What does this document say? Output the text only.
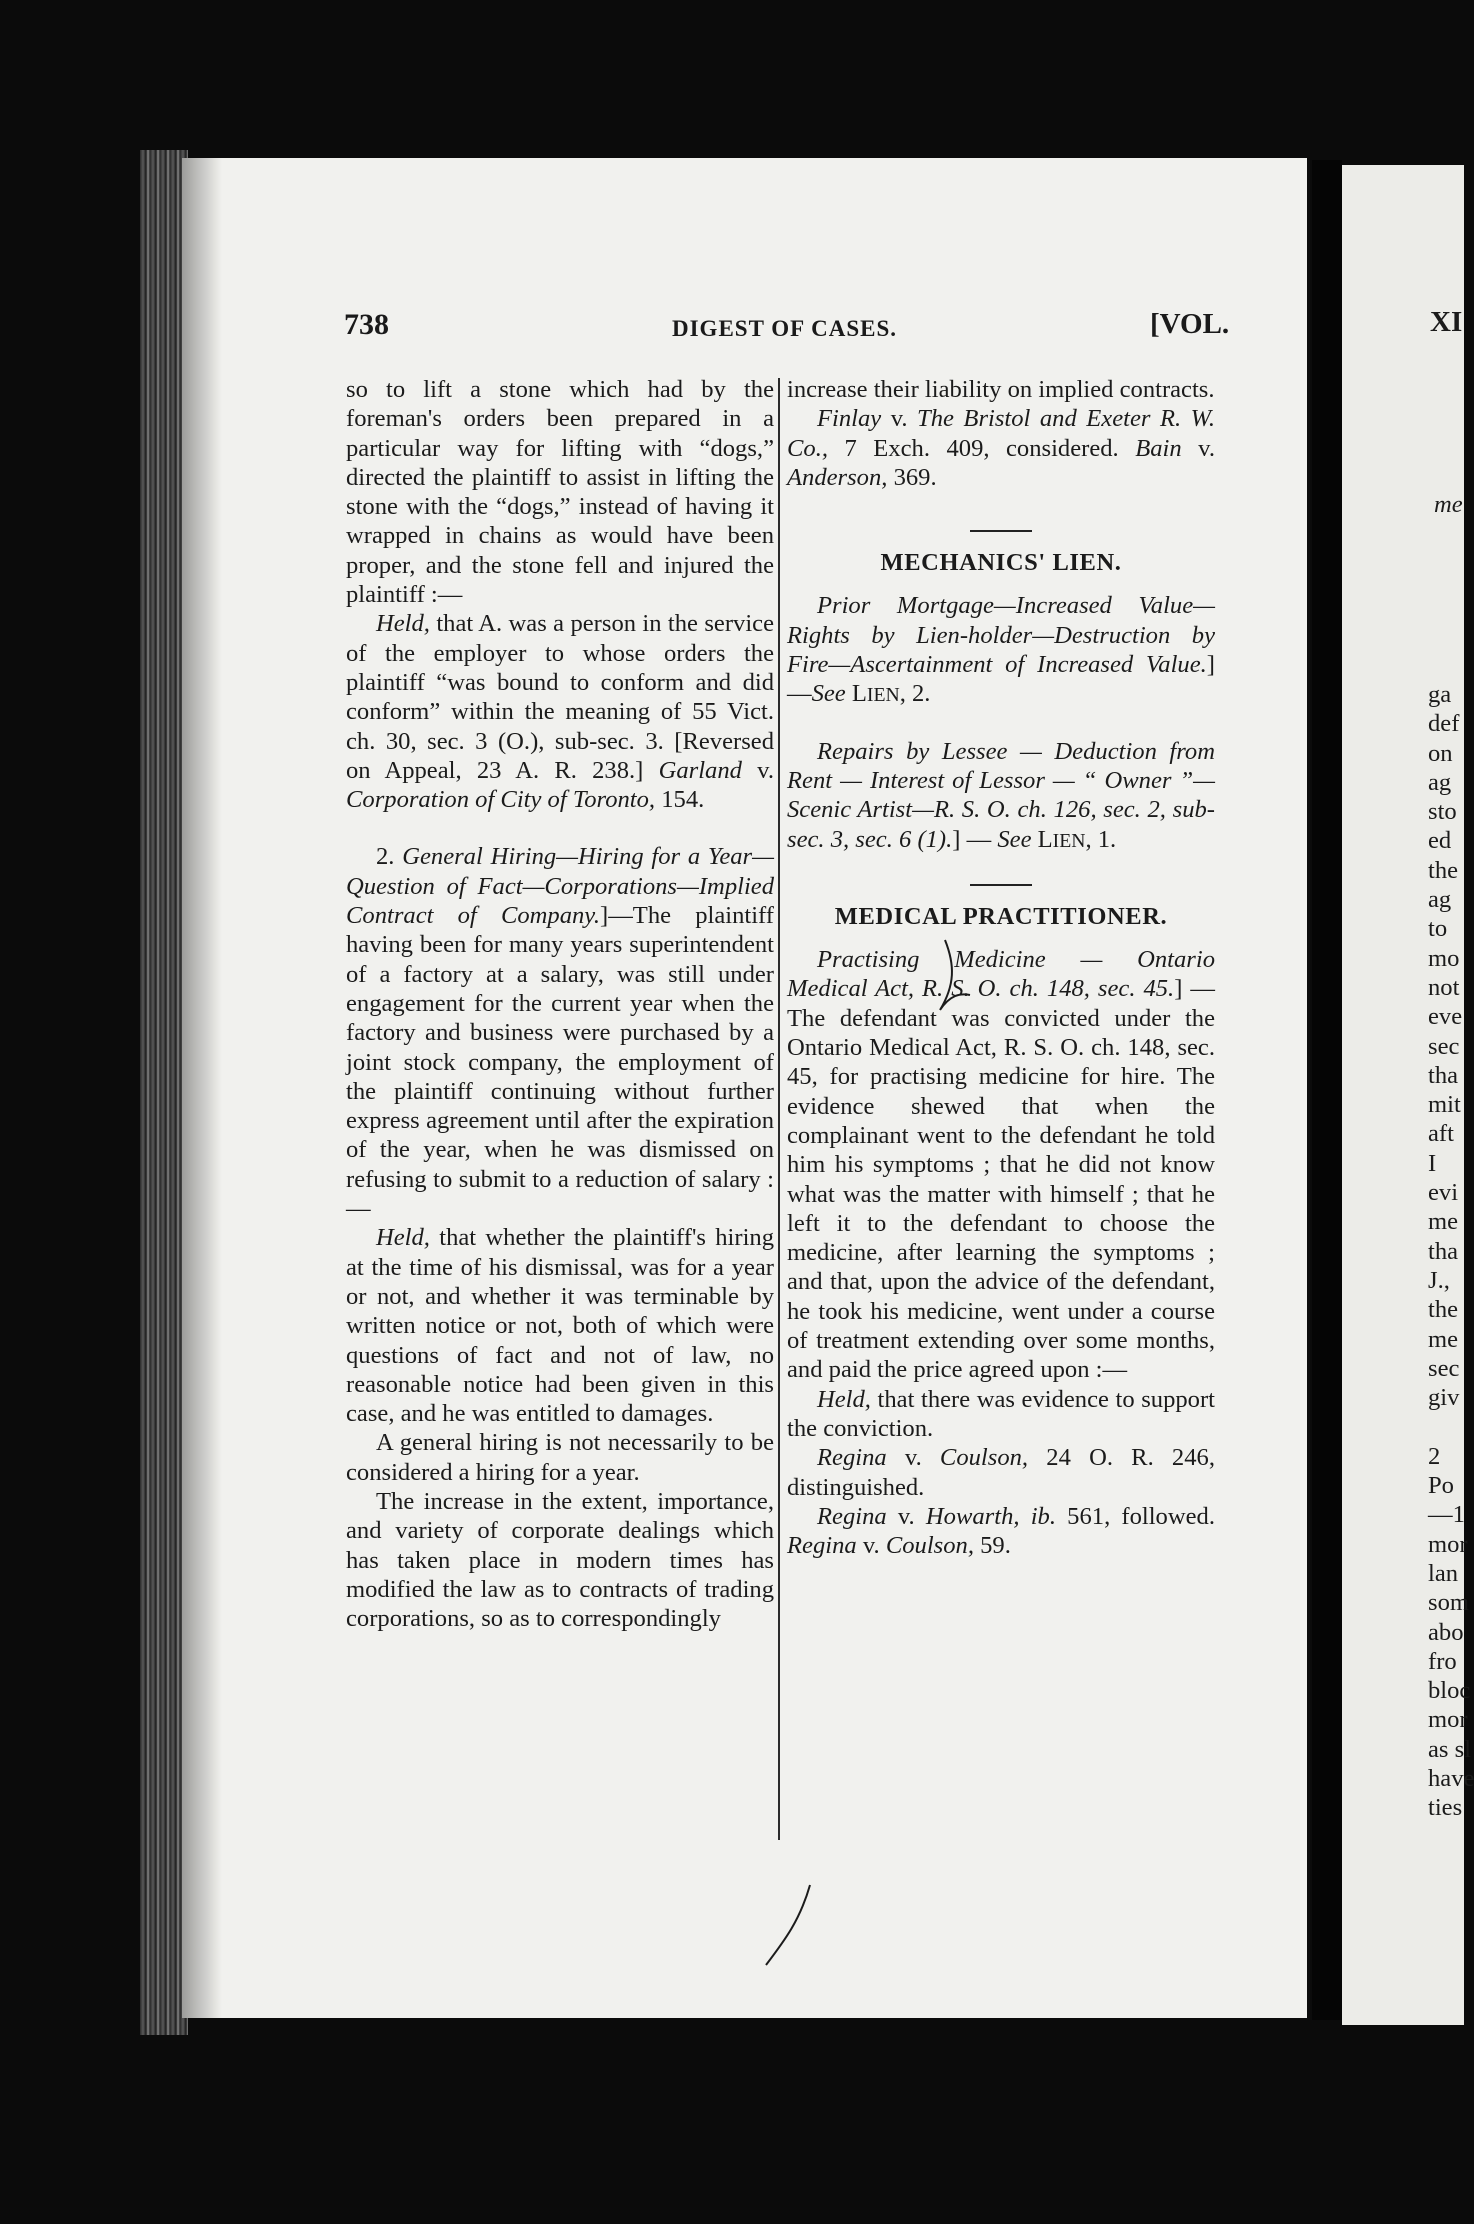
738	DIGEST OF CASES.	[VOL.

so to lift a stone which had by the foreman's orders been prepared in a particular way for lifting with “dogs,” directed the plaintiff to assist in lifting the stone with the “dogs,” instead of having it wrapped in chains as would have been proper, and the stone fell and injured the plaintiff :—

Held, that A. was a person in the service of the employer to whose orders the plaintiff “was bound to conform and did conform” within the meaning of 55 Vict. ch. 30, sec. 3 (O.), sub-sec. 3. [Reversed on Appeal, 23 A. R. 238.] Garland v. Corporation of City of Toronto, 154.

2. General Hiring—Hiring for a Year—Question of Fact—Corporations—Implied Contract of Company.]—The plaintiff having been for many years superintendent of a factory at a salary, was still under engagement for the current year when the factory and business were purchased by a joint stock company, the employment of the plaintiff continuing without further express agreement until after the expiration of the year, when he was dismissed on refusing to submit to a reduction of salary :—

Held, that whether the plaintiff's hiring at the time of his dismissal, was for a year or not, and whether it was terminable by written notice or not, both of which were questions of fact and not of law, no reasonable notice had been given in this case, and he was entitled to damages.

A general hiring is not necessarily to be considered a hiring for a year.

The increase in the extent, importance, and variety of corporate dealings which has taken place in modern times has modified the law as to contracts of trading corporations, so as to correspondingly

increase their liability on implied contracts.

Finlay v. The Bristol and Exeter R. W. Co., 7 Exch. 409, considered. Bain v. Anderson, 369.

MECHANICS' LIEN.

Prior Mortgage—Increased Value—Rights by Lien-holder—Destruction by Fire—Ascertainment of Increased Value.]—See LIEN, 2.

Repairs by Lessee — Deduction from Rent — Interest of Lessor — “ Owner ”—Scenic Artist—R. S. O. ch. 126, sec. 2, sub-sec. 3, sec. 6 (1).] — See LIEN, 1.

MEDICAL PRACTITIONER.

Practising Medicine — Ontario Medical Act, R. S. O. ch. 148, sec. 45.] —The defendant was convicted under the Ontario Medical Act, R. S. O. ch. 148, sec. 45, for practising medicine for hire. The evidence shewed that when the complainant went to the defendant he told him his symptoms ; that he did not know what was the matter with himself ; that he left it to the defendant to choose the medicine, after learning the symptoms ; and that, upon the advice of the defendant, he took his medicine, went under a course of treatment extending over some months, and paid the price agreed upon :—

Held, that there was evidence to support the conviction.

Regina v. Coulson, 24 O. R. 246, distinguished.

Regina v. Howarth, ib. 561, followed. Regina v. Coulson, 59.

XI
me
ga
def
on
ag
sto
ed
the
ag
to
mo
not
eve
sec
tha
mit
aft
I
evi
me
tha
J.,
the
me
sec
giv

2
Po
—1
mor
lan
som
abo
fro
bloc
mor
as sl
have
ties
